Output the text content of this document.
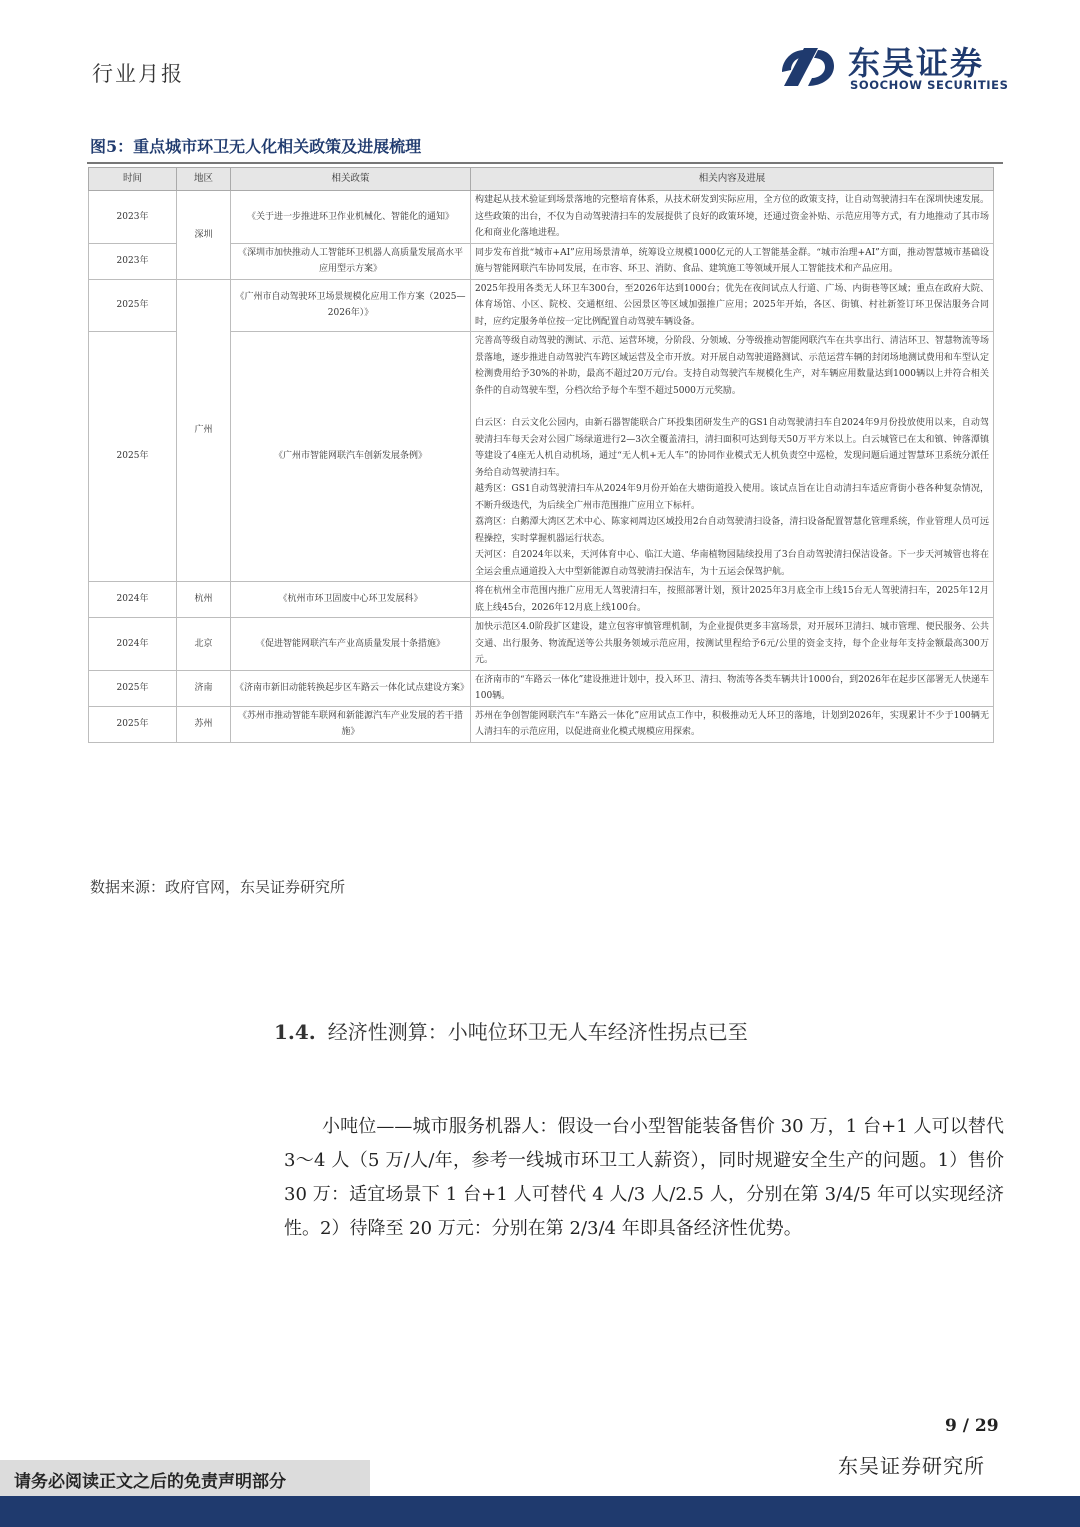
行业月报	东吴证券
SOOCHOW SECURITIES
图5：重点城市环卫无人化相关政策及进展梳理
时间	地区	相关政策	相关内容及进展
2023年	深圳	《关于进一步推进环卫作业机械化、智能化的通知》	构建起从技术验证到场景落地的完整培育体系，从技术研发到实际应用，全方位的政策支持，让自动驾驶清扫车在深圳快速发展。这些政策的出台，不仅为自动驾驶清扫车的发展提供了良好的政策环境，还通过资金补贴、示范应用等方式，有力地推动了其市场化和商业化落地进程。

2023年		《深圳市加快推动人工智能环卫机器人高质量发展高水平应用型示方案》	同步发布首批“城市+AI”应用场景清单，统筹设立规模1000亿元的人工智能基金群。“城市治理+AI”方面，推动智慧城市基础设施与智能网联汽车协同发展，在市容、环卫、消防、食品、建筑施工等领域开展人工智能技术和产品应用。

2025年	广州	《广州市自动驾驶环卫场景规模化应用工作方案（2025—2026年）》	2025年投用各类无人环卫车300台，至2026年达到1000台；优先在夜间试点人行道、广场、内街巷等区域；重点在政府大院、体育场馆、小区、院校、交通枢纽、公园景区等区域加强推广应用；2025年开始，各区、街镇、村社新签订环卫保洁服务合同时，应约定服务单位按一定比例配置自动驾驶车辆设备。

2025年		《广州市智能网联汽车创新发展条例》	完善高等级自动驾驶的测试、示范、运营环境，分阶段、分领域、分等级推动智能网联汽车在共享出行、清洁环卫、智慧物流等场景落地，逐步推进自动驾驶汽车跨区域运营及全市开放。对开展自动驾驶道路测试、示范运营车辆的封闭场地测试费用和车型认定检测费用给予30%的补助，最高不超过20万元/台。支持自动驾驶汽车规模化生产，对车辆应用数量达到1000辆以上并符合相关条件的自动驾驶车型，分档次给予每个车型不超过5000万元奖励。

白云区：白云文化公园内，由新石器智能联合广环投集团研发生产的GS1自动驾驶清扫车自2024年9月份投放使用以来，自动驾驶清扫车每天会对公园广场绿道进行2—3次全覆盖清扫，清扫面积可达到每天50万平方米以上。白云城管已在太和镇、钟落潭镇等建设了4座无人机自动机场，通过“无人机+无人车”的协同作业模式无人机负责空中巡检，发现问题后通过智慧环卫系统分派任务给自动驾驶清扫车。

越秀区：GS1自动驾驶清扫车从2024年9月份开始在大塘街道投入使用。该试点旨在让自动清扫车适应背街小巷各种复杂情况，不断升级迭代，为后续全广州市范围推广应用立下标杆。

荔湾区：白鹅潭大湾区艺术中心、陈家祠周边区域投用2台自动驾驶清扫设备，清扫设备配置智慧化管理系统，作业管理人员可远程操控，实时掌握机器运行状态。

天河区：自2024年以来，天河体育中心、临江大道、华南植物园陆续投用了3台自动驾驶清扫保洁设备。下一步天河城管也将在全运会重点通道投入大中型新能源自动驾驶清扫保洁车，为十五运会保驾护航。

2024年	杭州	《杭州市环卫固废中心环卫发展科》	将在杭州全市范围内推广应用无人驾驶清扫车，按照部署计划，预计2025年3月底全市上线15台无人驾驶清扫车，2025年12月底上线45台，2026年12月底上线100台。

2024年	北京	《促进智能网联汽车产业高质量发展十条措施》	加快示范区4.0阶段扩区建设，建立包容审慎管理机制，为企业提供更多丰富场景，对开展环卫清扫、城市管理、便民服务、公共交通、出行服务、物流配送等公共服务领域示范应用，按测试里程给予6元/公里的资金支持，每个企业每年支持金额最高300万元。

2025年	济南	《济南市新旧动能转换起步区车路云一体化试点建设方案》	在济南市的“车路云一体化”建设推进计划中，投入环卫、清扫、物流等各类车辆共计1000台，到2026年在起步区部署无人快递车100辆。

2025年	苏州	《苏州市推动智能车联网和新能源汽车产业发展的若干措施》	苏州在争创智能网联汽车“车路云一体化”应用试点工作中，积极推动无人环卫的落地，计划到2026年，实现累计不少于100辆无人清扫车的示范应用，以促进商业化模式规模应用探索。

数据来源：政府官网，东吴证券研究所
1.4. 经济性测算：小吨位环卫无人车经济性拐点已至

小吨位——城市服务机器人：假设一台小型智能装备售价 30 万，1 台+1 人可以替代 3～4 人（5 万/人/年，参考一线城市环卫工人薪资），同时规避安全生产的问题。1）售价 30 万：适宜场景下 1 台+1 人可替代 4 人/3 人/2.5 人，分别在第 3/4/5 年可以实现经济性。2）待降至 20 万元：分别在第 2/3/4 年即具备经济性优势。

9 / 29
请务必阅读正文之后的免责声明部分
东吴证券研究所
